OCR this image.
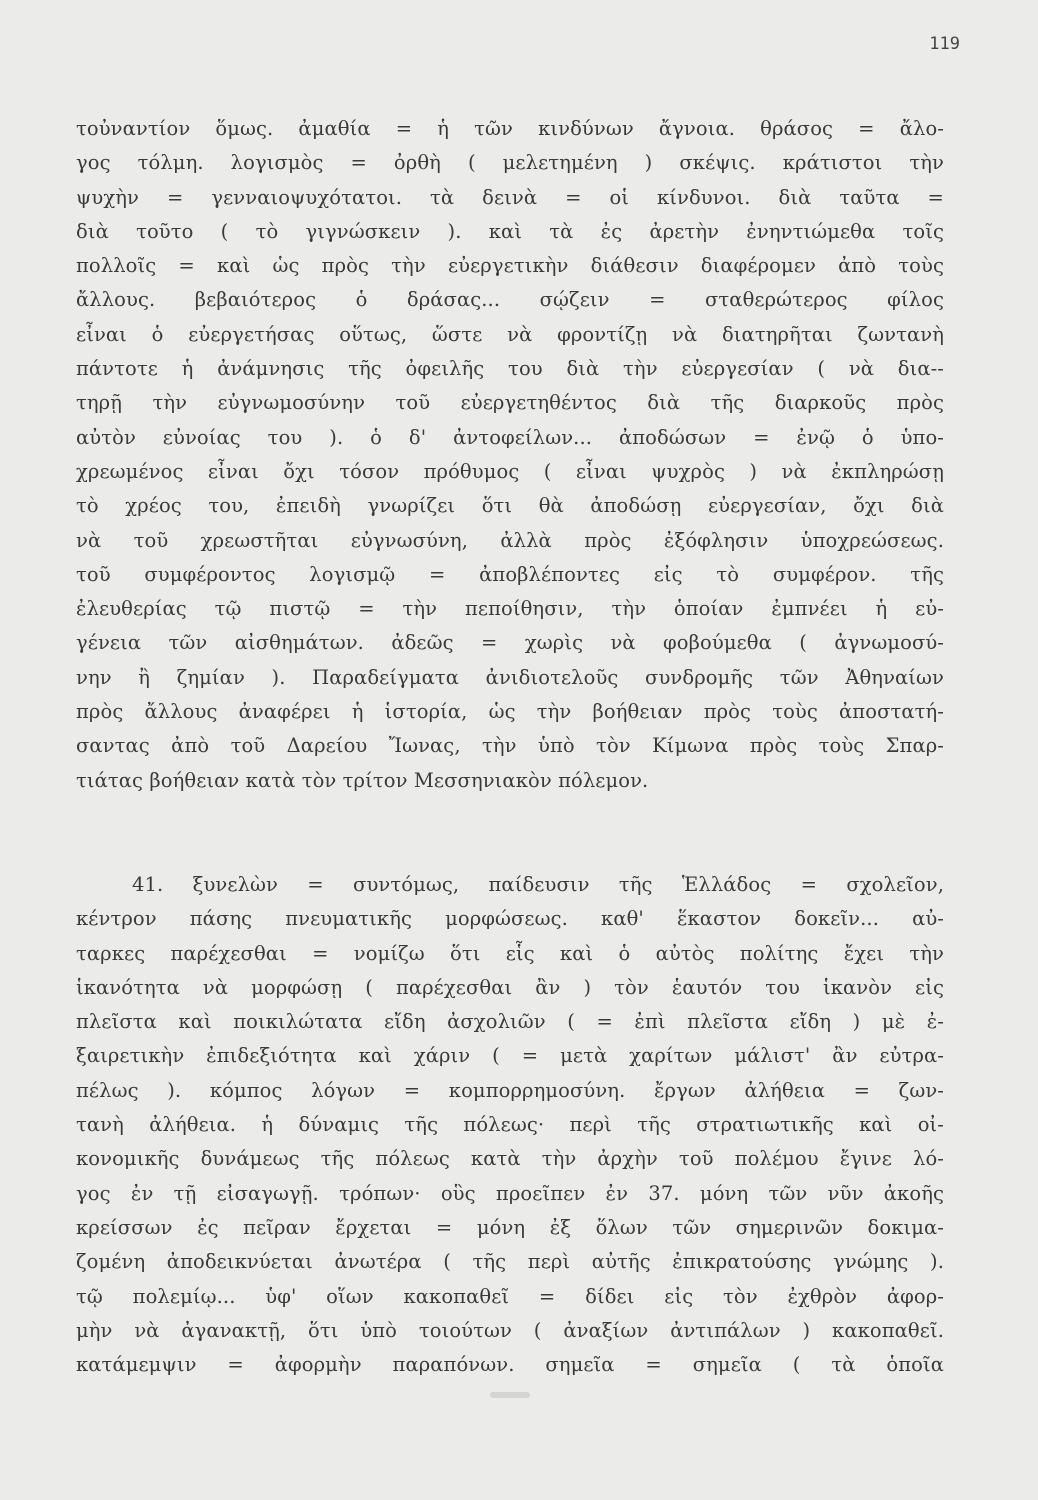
119
τοὐναντίον ὅμως. ἀμαθία = ἡ τῶν κινδύνων ἄγνοια. θράσος = ἄλο-
γος τόλμη. λογισμὸς = ὀρθὴ ( μελετημένη ) σκέψις. κράτιστοι τὴν
ψυχὴν = γενναιοψυχότατοι. τὰ δεινὰ = οἱ κίνδυνοι. διὰ ταῦτα =
διὰ τοῦτο ( τὸ γιγνώσκειν ). καὶ τὰ ἐς ἀρετὴν ἐνηντιώμεθα τοῖς
πολλοῖς = καὶ ὡς πρὸς τὴν εὐεργετικὴν διάθεσιν διαφέρομεν ἀπὸ τοὺς
ἄλλους. βεβαιότερος ὁ δράσας... σῴζειν = σταθερώτερος φίλος
εἶναι ὁ εὐεργετήσας οὕτως, ὥστε νὰ φροντίζῃ νὰ διατηρῆται ζωντανὴ
πάντοτε ἡ ἀνάμνησις τῆς ὀφειλῆς του διὰ τὴν εὐεργεσίαν ( νὰ δια--
τηρῇ τὴν εὐγνωμοσύνην τοῦ εὐεργετηθέντος διὰ τῆς διαρκοῦς πρὸς
αὐτὸν εὐνοίας του ). ὁ δ' ἀντοφείλων... ἀποδώσων = ἐνῷ ὁ ὑπο-
χρεωμένος εἶναι ὄχι τόσον πρόθυμος ( εἶναι ψυχρὸς ) νὰ ἐκπληρώσῃ
τὸ χρέος του, ἐπειδὴ γνωρίζει ὅτι θὰ ἀποδώσῃ εὐεργεσίαν, ὄχι διὰ
νὰ τοῦ χρεωστῆται εὐγνωσύνη, ἀλλὰ πρὸς ἐξόφλησιν ὑποχρεώσεως.
τοῦ συμφέροντος λογισμῷ = ἀποβλέποντες εἰς τὸ συμφέρον. τῆς
ἐλευθερίας τῷ πιστῷ = τὴν πεποίθησιν, τὴν ὁποίαν ἐμπνέει ἡ εὐ-
γένεια τῶν αἰσθημάτων. ἀδεῶς = χωρὶς νὰ φοβούμεθα ( ἀγνωμοσύ-
νην ἢ ζημίαν ). Παραδείγματα ἀνιδιοτελοῦς συνδρομῆς τῶν Ἀθηναίων
πρὸς ἄλλους ἀναφέρει ἡ ἱστορία, ὡς τὴν βοήθειαν πρὸς τοὺς ἀποστατή-
σαντας ἀπὸ τοῦ Δαρείου Ἴωνας, τὴν ὑπὸ τὸν Κίμωνα πρὸς τοὺς Σπαρ-
τιάτας βοήθειαν κατὰ τὸν τρίτον Μεσσηνιακὸν πόλεμον.
41. ξυνελὼν = συντόμως, παίδευσιν τῆς Ἑλλάδος = σχολεῖον,
κέντρον πάσης πνευματικῆς μορφώσεως. καθ' ἕκαστον δοκεῖν... αὐ-
ταρκες παρέχεσθαι = νομίζω ὅτι εἷς καὶ ὁ αὐτὸς πολίτης ἔχει τὴν
ἱκανότητα νὰ μορφώσῃ ( παρέχεσθαι ἂν ) τὸν ἑαυτόν του ἱκανὸν εἰς
πλεῖστα καὶ ποικιλώτατα εἴδη ἀσχολιῶν ( = ἐπὶ πλεῖστα εἴδη ) μὲ ἐ-
ξαιρετικὴν ἐπιδεξιότητα καὶ χάριν ( = μετὰ χαρίτων μάλιστ' ἂν εὐτρα-
πέλως ). κόμπος λόγων = κομπορρημοσύνη. ἔργων ἀλήθεια = ζων-
τανὴ ἀλήθεια. ἡ δύναμις τῆς πόλεως· περὶ τῆς στρατιωτικῆς καὶ οἰ-
κονομικῆς δυνάμεως τῆς πόλεως κατὰ τὴν ἀρχὴν τοῦ πολέμου ἔγινε λό-
γος ἐν τῇ εἰσαγωγῇ. τρόπων· οὓς προεῖπεν ἐν 37. μόνη τῶν νῦν ἀκοῆς
κρείσσων ἐς πεῖραν ἔρχεται = μόνη ἐξ ὅλων τῶν σημερινῶν δοκιμα-
ζομένη ἀποδεικνύεται ἀνωτέρα ( τῆς περὶ αὐτῆς ἐπικρατούσης γνώμης ).
τῷ πολεμίῳ... ὑφ' οἵων κακοπαθεῖ = δίδει εἰς τὸν ἐχθρὸν ἀφορ-
μὴν νὰ ἀγανακτῇ, ὅτι ὑπὸ τοιούτων ( ἀναξίων ἀντιπάλων ) κακοπαθεῖ.
κατάμεμψιν = ἀφορμὴν παραπόνων. σημεῖα = σημεῖα ( τὰ ὁποῖα
